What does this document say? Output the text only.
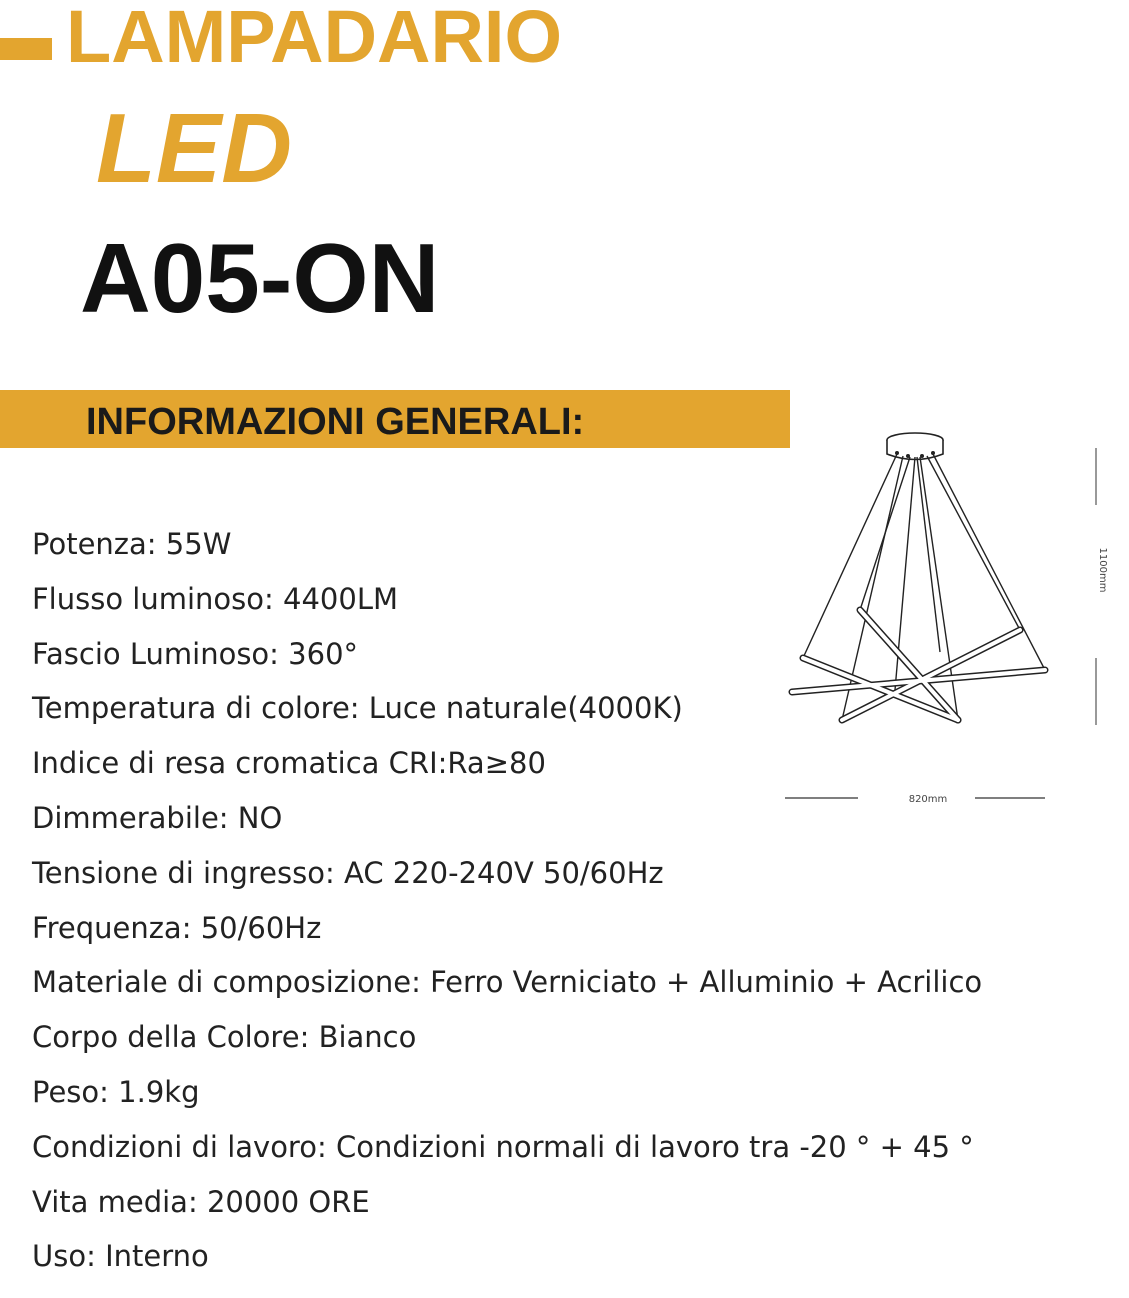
LAMPADARIO
LED
A05-ON
INFORMAZIONI GENERALI:
Potenza: 55W
Flusso luminoso: 4400LM
Fascio Luminoso: 360°
Temperatura di colore: Luce naturale(4000K)
Indice di resa cromatica CRI:Ra≥80
Dimmerabile: NO
Tensione di ingresso: AC 220-240V 50/60Hz
Frequenza: 50/60Hz
Materiale di composizione: Ferro Verniciato + Alluminio + Acrilico
Corpo della Colore: Bianco
Peso: 1.9kg
Condizioni di lavoro: Condizioni normali di lavoro tra -20 ° + 45 °
Vita media: 20000 ORE
Uso: Interno
1100mm
820mm
